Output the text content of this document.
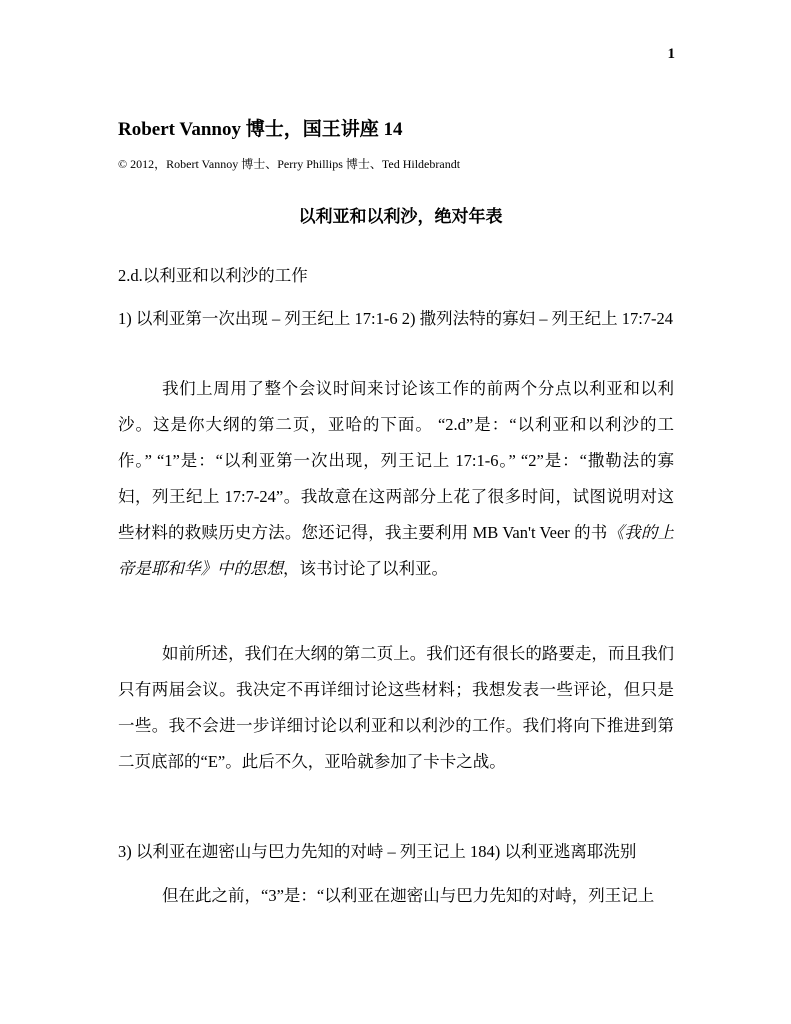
1
Robert Vannoy 博士，国王讲座 14
© 2012，Robert Vannoy 博士、Perry Phillips 博士、Ted Hildebrandt
以利亚和以利沙，绝对年表
2.d.以利亚和以利沙的工作
1) 以利亚第一次出现 – 列王纪上 17:1-6 2) 撒列法特的寡妇 – 列王纪上 17:7-24
我们上周用了整个会议时间来讨论该工作的前两个分点以利亚和以利沙。这是你大纲的第二页，亚哈的下面。 “2.d”是：“以利亚和以利沙的工作。” “1”是：“以利亚第一次出现，列王记上 17:1-6。” “2”是：“撒勒法的寡妇，列王纪上 17:7-24”。我故意在这两部分上花了很多时间，试图说明对这些材料的救赎历史方法。您还记得，我主要利用 MB Van't Veer 的书《我的上帝是耶和华》中的思想，该书讨论了以利亚。
如前所述，我们在大纲的第二页上。我们还有很长的路要走，而且我们只有两届会议。我决定不再详细讨论这些材料；我想发表一些评论，但只是一些。我不会进一步详细讨论以利亚和以利沙的工作。我们将向下推进到第二页底部的“E”。此后不久，亚哈就参加了卡卡之战。
3) 以利亚在迦密山与巴力先知的对峙 – 列王记上 184) 以利亚逃离耶洗别
但在此之前，“3”是：“以利亚在迦密山与巴力先知的对峙，列王记上
